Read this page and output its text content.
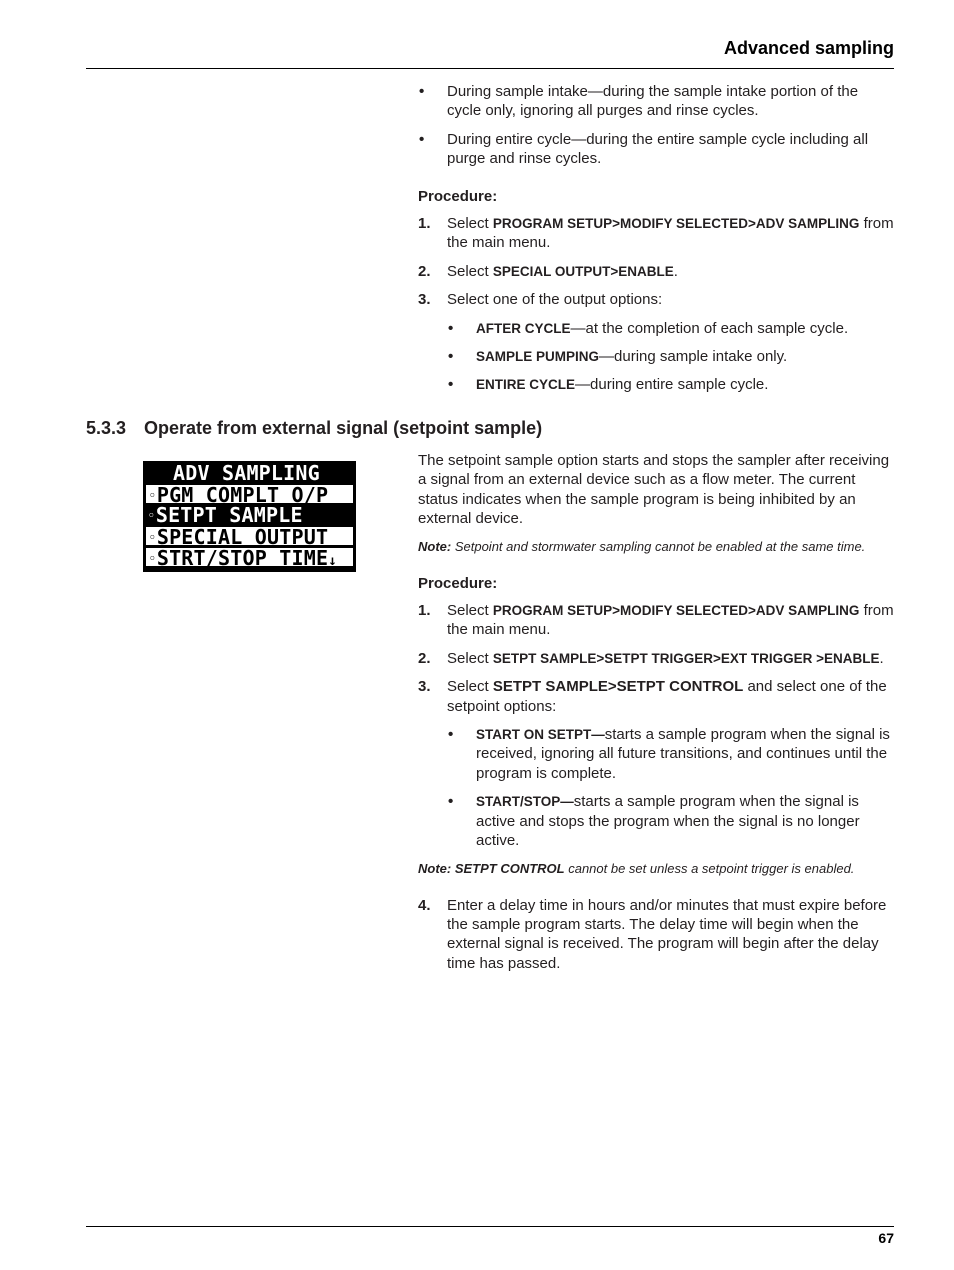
Advanced sampling
• During sample intake—during the sample intake portion of the cycle only, ignoring all purges and rinse cycles.
• During entire cycle—during the entire sample cycle including all purge and rinse cycles.
Procedure:
1. Select PROGRAM SETUP>MODIFY SELECTED>ADV SAMPLING from the main menu.
2. Select SPECIAL OUTPUT>ENABLE.
3. Select one of the output options:
• AFTER CYCLE—at the completion of each sample cycle.
• SAMPLE PUMPING—during sample intake only.
• ENTIRE CYCLE—during entire sample cycle.
5.3.3 Operate from external signal (setpoint sample)
ADV SAMPLING
◦PGM COMPLT O/P
◦SETPT SAMPLE
◦SPECIAL OUTPUT
◦STRT/STOP TIME↓
The setpoint sample option starts and stops the sampler after receiving a signal from an external device such as a flow meter. The current status indicates when the sample program is being inhibited by an external device.
Note: Setpoint and stormwater sampling cannot be enabled at the same time.
Procedure:
1. Select PROGRAM SETUP>MODIFY SELECTED>ADV SAMPLING from the main menu.
2. Select SETPT SAMPLE>SETPT TRIGGER>EXT TRIGGER >ENABLE.
3. Select SETPT SAMPLE>SETPT CONTROL and select one of the setpoint options:
• START ON SETPT—starts a sample program when the signal is received, ignoring all future transitions, and continues until the program is complete.
• START/STOP—starts a sample program when the signal is active and stops the program when the signal is no longer active.
Note: SETPT CONTROL cannot be set unless a setpoint trigger is enabled.
4. Enter a delay time in hours and/or minutes that must expire before the sample program starts. The delay time will begin when the external signal is received. The program will begin after the delay time has passed.
67
